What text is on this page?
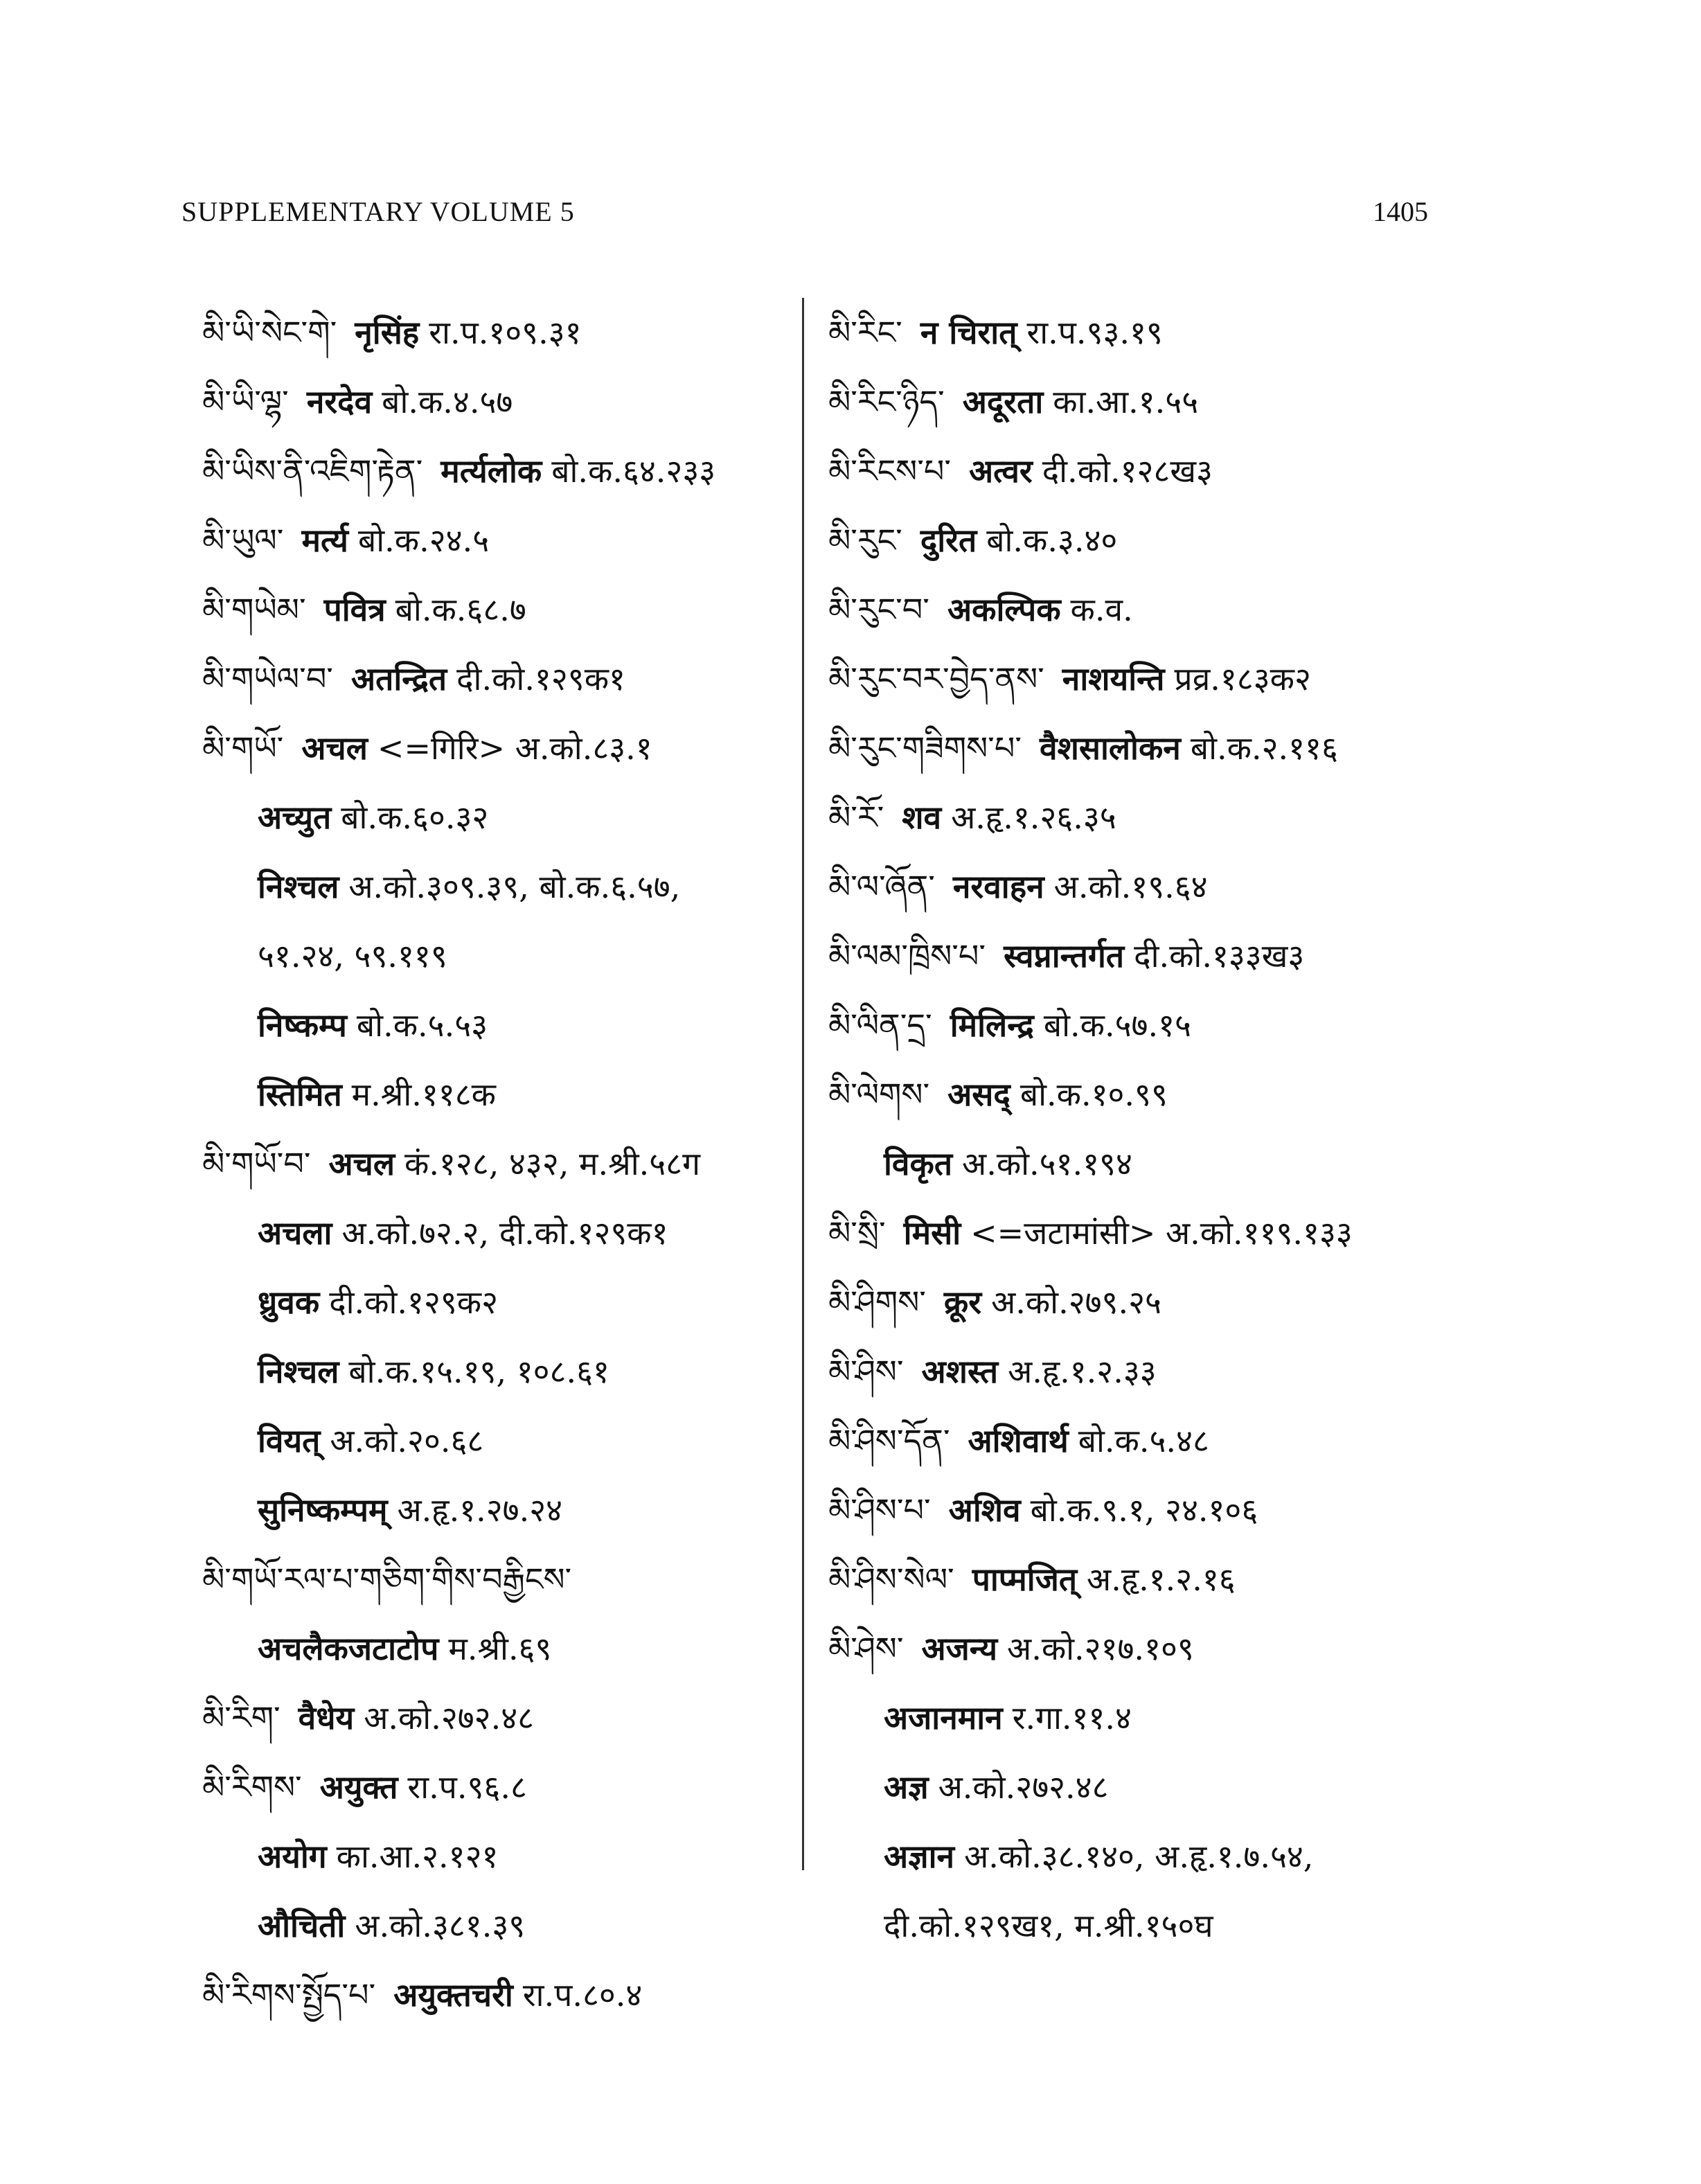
SUPPLEMENTARY VOLUME 5	1405
མི་ཡི་སེང་གེ་ नृसिंह रा.प.१०९.३१
མི་ཡི་ལྷ་ नरदेव बो.क.४.५७
མི་ཡིས་ནི་འཇིག་རྟེན་ मर्त्यलोक बो.क.६४.२३३
མི་ཡུལ་ मर्त्य बो.क.२४.५
མི་གཡེམ་ पवित्र बो.क.६८.७
མི་གཡེལ་བ་ अतन्द्रित दी.को.१२९क१
མི་གཡོ་ अचल <=गिरि> अ.को.८३.१
अच्युत बो.क.६०.३२
निश्चल अ.को.३०९.३९, बो.क.६.५७,
५१.२४, ५९.११९
निष्कम्प बो.क.५.५३
स्तिमित म.श्री.११८क
མི་གཡོ་བ་ अचल कं.१२८, ४३२, म.श्री.५८ग
अचला अ.को.७२.२, दी.को.१२९क१
ध्रुवक दी.को.१२९क२
निश्चल बो.क.१५.१९, १०८.६१
वियत् अ.को.२०.६८
सुनिष्कम्पम् अ.हृ.१.२७.२४
མི་གཡོ་རལ་པ་གཅིག་གིས་བརྒྱིངས་
अचलैकजटाटोप म.श्री.६९
མི་རིག་ वैधेय अ.को.२७२.४८
མི་རིགས་ अयुक्त रा.प.९६.८
अयोग का.आ.२.१२१
औचिती अ.को.३८१.३९
མི་རིགས་སྤྱོད་པ་ अयुक्तचरी रा.प.८०.४
མི་རིང་ न चिरात् रा.प.९३.१९
མི་རིང་ཉིད་ अदूरता का.आ.१.५५
མི་རིངས་པ་ अत्वर दी.को.१२८ख३
མི་རུང་ दुरित बो.क.३.४०
མི་རུང་བ་ अकल्पिक क.व.
མི་རུང་བར་བྱེད་ནས་ नाशयन्ति प्रव्र.१८३क२
མི་རུང་གཟིགས་པ་ वैशसालोकन बो.क.२.११६
མི་རོ་ शव अ.हृ.१.२६.३५
མི་ལ་ཞོན་ नरवाहन अ.को.१९.६४
མི་ལམ་ཁྲིས་པ་ स्वप्नान्तर्गत दी.को.१३३ख३
མི་ལིན་དྲ་ मिलिन्द्र बो.क.५७.१५
མི་ལེགས་ असद् बो.क.१०.९९
विकृत अ.को.५१.१९४
མི་སྲི་ मिसी <=जटामांसी> अ.को.११९.१३३
མི་ཤིགས་ क्रूर अ.को.२७९.२५
མི་ཤིས་ अशस्त अ.हृ.१.२.३३
མི་ཤིས་དོན་ अशिवार्थ बो.क.५.४८
མི་ཤིས་པ་ अशिव बो.क.९.१, २४.१०६
མི་ཤིས་སེལ་ पाप्मजित् अ.हृ.१.२.१६
མི་ཤེས་ अजन्य अ.को.२१७.१०९
अजानमान र.गा.११.४
अज्ञ अ.को.२७२.४८
अज्ञान अ.को.३८.१४०, अ.हृ.१.७.५४,
दी.को.१२९ख१, म.श्री.१५०घ
